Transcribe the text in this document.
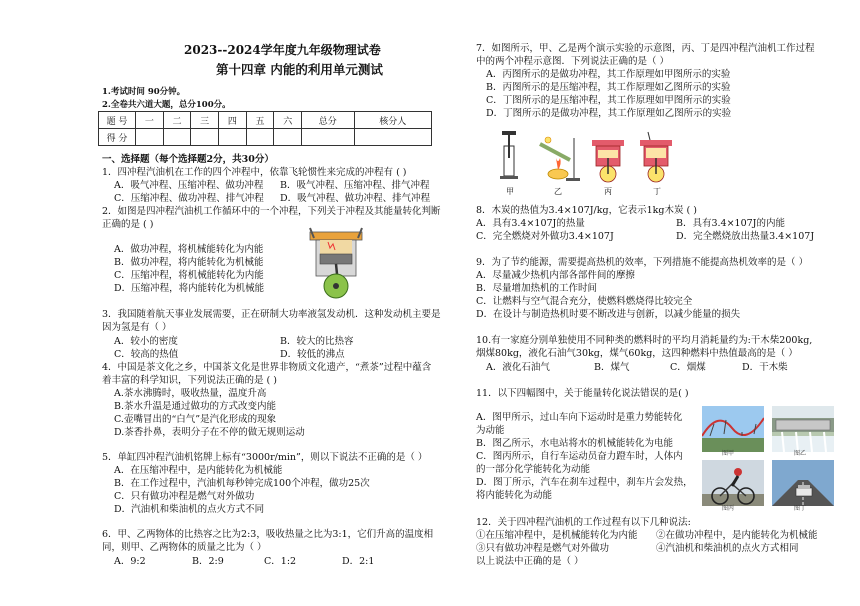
2023--2024学年度九年级物理试卷
第十四章 内能的利用单元测试
1.考试时间 90分钟。
2.全卷共六道大题，总分100分。
题 号	一	二	三	四	五	六	总分	核分人
得 分								
一、选择题（每个选择题2分，共30分）
1．四冲程汽油机在工作的四个冲程中，依靠飞轮惯性来完成的冲程有 ( )
A．吸气冲程、压缩冲程、做功冲程 B．吸气冲程、压缩冲程、排气冲程
C．压缩冲程、做功冲程、排气冲程 D．吸气冲程、做功冲程、排气冲程
2．如图是四冲程汽油机工作循环中的一个冲程，下列关于冲程及其能量转化判断
正确的是 ( )
A．做功冲程，将机械能转化为内能
B．做功冲程，将内能转化为机械能
C．压缩冲程，将机械能转化为内能
D．压缩冲程，将内能转化为机械能
3．我国随着航天事业发展需要，正在研制大功率液氢发动机．这种发动机主要是
因为氢是有（ ）
A．较小的密度	B．较大的比热容
C．较高的热值	D．较低的沸点
4．中国是茶文化之乡，中国茶文化是世界非物质文化遗产，“煮茶”过程中蕴含
着丰富的科学知识，下列说法正确的是 ( )
A.茶水沸腾时，吸收热量，温度升高
B.茶水升温是通过做功的方式改变内能
C.壶嘴冒出的“白气”是汽化形成的现象
D.茶香扑鼻，表明分子在不停的做无规则运动
5．单缸四冲程汽油机铭牌上标有“3000r/min”，则以下说法不正确的是（ ）
A．在压缩冲程中，是内能转化为机械能
B．在工作过程中，汽油机每秒钟完成100个冲程，做功25次
C．只有做功冲程是燃气对外做功
D．汽油机和柴油机的点火方式不同
6．甲、乙两物体的比热容之比为2:3，吸收热量之比为3:1，它们升高的温度相
同，则甲、乙两物体的质量之比为（ ）
A．9:2	B．2:9	C．1:2	D．2:1
7．如图所示，甲、乙是两个演示实验的示意图，丙、丁是四冲程汽油机工作过程
中的两个冲程示意图．下列说法正确的是（ ）
A．丙图所示的是做功冲程，其工作原理如甲图所示的实验
B．丙图所示的是压缩冲程，其工作原理如乙图所示的实验
C．丁图所示的是压缩冲程，其工作原理如甲图所示的实验
D．丁图所示的是做功冲程，其工作原理如乙图所示的实验
甲	乙	丙	丁
8．木炭的热值为3.4×107J/kg，它表示1kg木炭 ( )
A．具有3.4×107J的热量	B．具有3.4×107J的内能
C．完全燃烧对外做功3.4×107J	D．完全燃烧放出热量3.4×107J
9．为了节约能源，需要提高热机的效率，下列措施不能提高热机效率的是（ ）
A．尽量减少热机内部各部件间的摩擦
B．尽量增加热机的工作时间
C．让燃料与空气混合充分，使燃料燃烧得比较完全
D．在设计与制造热机时要不断改进与创新，以减少能量的损失
10.有一家庭分别单独使用不同种类的燃料时的平均月消耗量约为:干木柴200kg,
烟煤80kg，液化石油气30kg，煤气60kg，这四种燃料中热值最高的是（ ）
A．液化石油气	B．煤气	C．烟煤	D．干木柴
11．以下四幅图中，关于能量转化说法错误的是( )
A．图甲所示，过山车向下运动时是重力势能转化
为动能
B．图乙所示，水电站将水的机械能转化为电能
C．图丙所示，自行车运动员奋力蹬车时，人体内
的一部分化学能转化为动能
D．图丁所示，汽车在刹车过程中，刹车片会发热，
将内能转化为动能
图甲	图乙
图丙	图丁
12．关于四冲程汽油机的工作过程有以下几种说法:
①在压缩冲程中，是机械能转化为内能 ②在做功冲程中，是内能转化为机械能
③只有做功冲程是燃气对外做功	④汽油机和柴油机的点火方式相同
以上说法中正确的是（ ）
